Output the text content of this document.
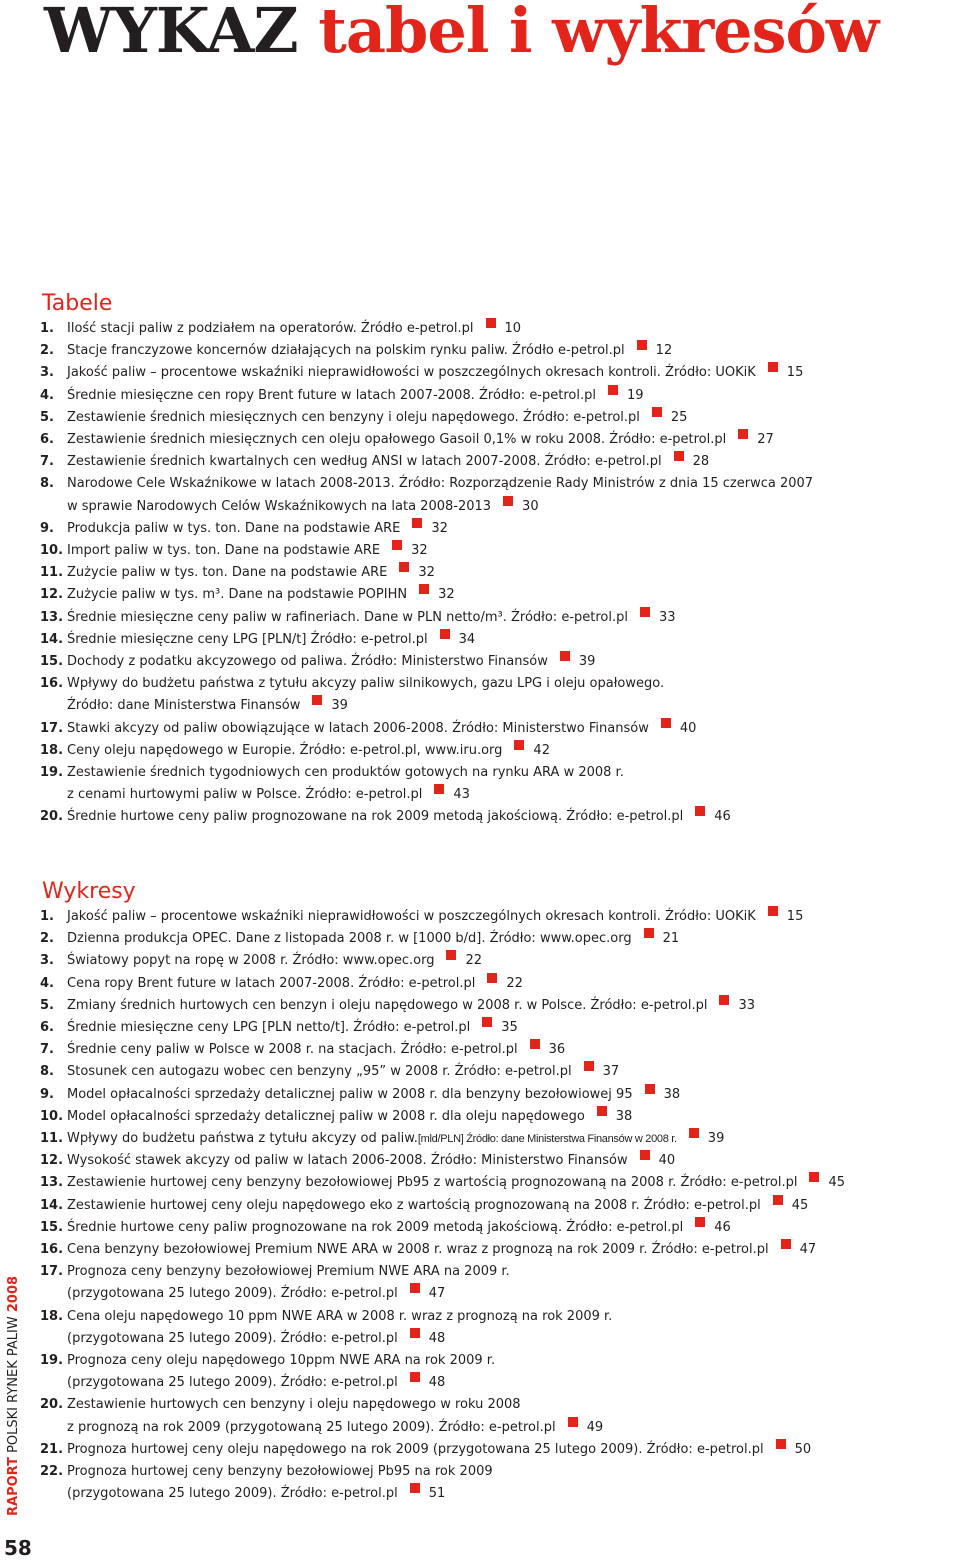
WYKAZ tabel i wykresów
Tabele
1.	Ilość stacji paliw z podziałem na operatorów. Źródło e-petrol.pl 10
2.	Stacje franczyzowe koncernów działających na polskim rynku paliw. Źródło e-petrol.pl 12
3.	Jakość paliw – procentowe wskaźniki nieprawidłowości w poszczególnych okresach kontroli. Źródło: UOKiK 15
4.	Średnie miesięczne cen ropy Brent future w latach 2007-2008. Źródło: e-petrol.pl 19
5.	Zestawienie średnich miesięcznych cen benzyny i oleju napędowego. Źródło: e-petrol.pl 25
6.	Zestawienie średnich miesięcznych cen oleju opałowego Gasoil 0,1% w roku 2008. Źródło: e-petrol.pl 27
7.	Zestawienie średnich kwartalnych cen według ANSI w latach 2007-2008. Źródło: e-petrol.pl 28
8.	Narodowe Cele Wskaźnikowe w latach 2008-2013. Źródło: Rozporządzenie Rady Ministrów z dnia 15 czerwca 2007
w sprawie Narodowych Celów Wskaźnikowych na lata 2008-2013 30
9.	Produkcja paliw w tys. ton. Dane na podstawie ARE 32
10. Import paliw w tys. ton. Dane na podstawie ARE 32
11. Zużycie paliw w tys. ton. Dane na podstawie ARE 32
12. Zużycie paliw w tys. m³. Dane na podstawie POPIHN 32
13. Średnie miesięczne ceny paliw w rafineriach. Dane w PLN netto/m³. Źródło: e-petrol.pl 33
14. Średnie miesięczne ceny LPG [PLN/t] Źródło: e-petrol.pl 34
15. Dochody z podatku akcyzowego od paliwa. Źródło: Ministerstwo Finansów 39
16. Wpływy do budżetu państwa z tytułu akcyzy paliw silnikowych, gazu LPG i oleju opałowego.
Źródło: dane Ministerstwa Finansów 39
17. Stawki akcyzy od paliw obowiązujące w latach 2006-2008. Źródło: Ministerstwo Finansów 40
18. Ceny oleju napędowego w Europie. Źródło: e-petrol.pl, www.iru.org 42
19. Zestawienie średnich tygodniowych cen produktów gotowych na rynku ARA w 2008 r.
z cenami hurtowymi paliw w Polsce. Źródło: e-petrol.pl 43
20. Średnie hurtowe ceny paliw prognozowane na rok 2009 metodą jakościową. Źródło: e-petrol.pl 46
Wykresy
1.	Jakość paliw – procentowe wskaźniki nieprawidłowości w poszczególnych okresach kontroli. Źródło: UOKiK 15
2.	Dzienna produkcja OPEC. Dane z listopada 2008 r. w [1000 b/d]. Źródło: www.opec.org 21
3.	Światowy popyt na ropę w 2008 r. Źródło: www.opec.org 22
4.	Cena ropy Brent future w latach 2007-2008. Źródło: e-petrol.pl 22
5.	Zmiany średnich hurtowych cen benzyn i oleju napędowego w 2008 r. w Polsce. Źródło: e-petrol.pl 33
6.	Średnie miesięczne ceny LPG [PLN netto/t]. Źródło: e-petrol.pl 35
7.	Średnie ceny paliw w Polsce w 2008 r. na stacjach. Źródło: e-petrol.pl 36
8.	Stosunek cen autogazu wobec cen benzyny „95” w 2008 r. Źródło: e-petrol.pl 37
9.	Model opłacalności sprzedaży detalicznej paliw w 2008 r. dla benzyny bezołowiowej 95 38
10. Model opłacalności sprzedaży detalicznej paliw w 2008 r. dla oleju napędowego 38
11. Wpływy do budżetu państwa z tytułu akcyzy od paliw. [mld/PLN] Źródło: dane Ministerstwa Finansów w 2008 r. 39
12. Wysokość stawek akcyzy od paliw w latach 2006-2008. Źródło: Ministerstwo Finansów 40
13. Zestawienie hurtowej ceny benzyny bezołowiowej Pb95 z wartością prognozowaną na 2008 r. Źródło: e-petrol.pl 45
14. Zestawienie hurtowej ceny oleju napędowego eko z wartością prognozowaną na 2008 r. Źródło: e-petrol.pl 45
15. Średnie hurtowe ceny paliw prognozowane na rok 2009 metodą jakościową. Źródło: e-petrol.pl 46
16. Cena benzyny bezołowiowej Premium NWE ARA w 2008 r. wraz z prognozą na rok 2009 r. Źródło: e-petrol.pl 47
17. Prognoza ceny benzyny bezołowiowej Premium NWE ARA na 2009 r.
(przygotowana 25 lutego 2009). Źródło: e-petrol.pl 47
18. Cena oleju napędowego 10 ppm NWE ARA w 2008 r. wraz z prognozą na rok 2009 r.
(przygotowana 25 lutego 2009). Źródło: e-petrol.pl 48
19. Prognoza ceny oleju napędowego 10ppm NWE ARA na rok 2009 r.
(przygotowana 25 lutego 2009). Źródło: e-petrol.pl 48
20. Zestawienie hurtowych cen benzyny i oleju napędowego w roku 2008
z prognozą na rok 2009 (przygotowaną 25 lutego 2009). Źródło: e-petrol.pl 49
21. Prognoza hurtowej ceny oleju napędowego na rok 2009 (przygotowana 25 lutego 2009). Źródło: e-petrol.pl 50
22. Prognoza hurtowej ceny benzyny bezołowiowej Pb95 na rok 2009
(przygotowana 25 lutego 2009). Źródło: e-petrol.pl 51
RAPORT POLSKI RYNEK PALIW 2008
58
